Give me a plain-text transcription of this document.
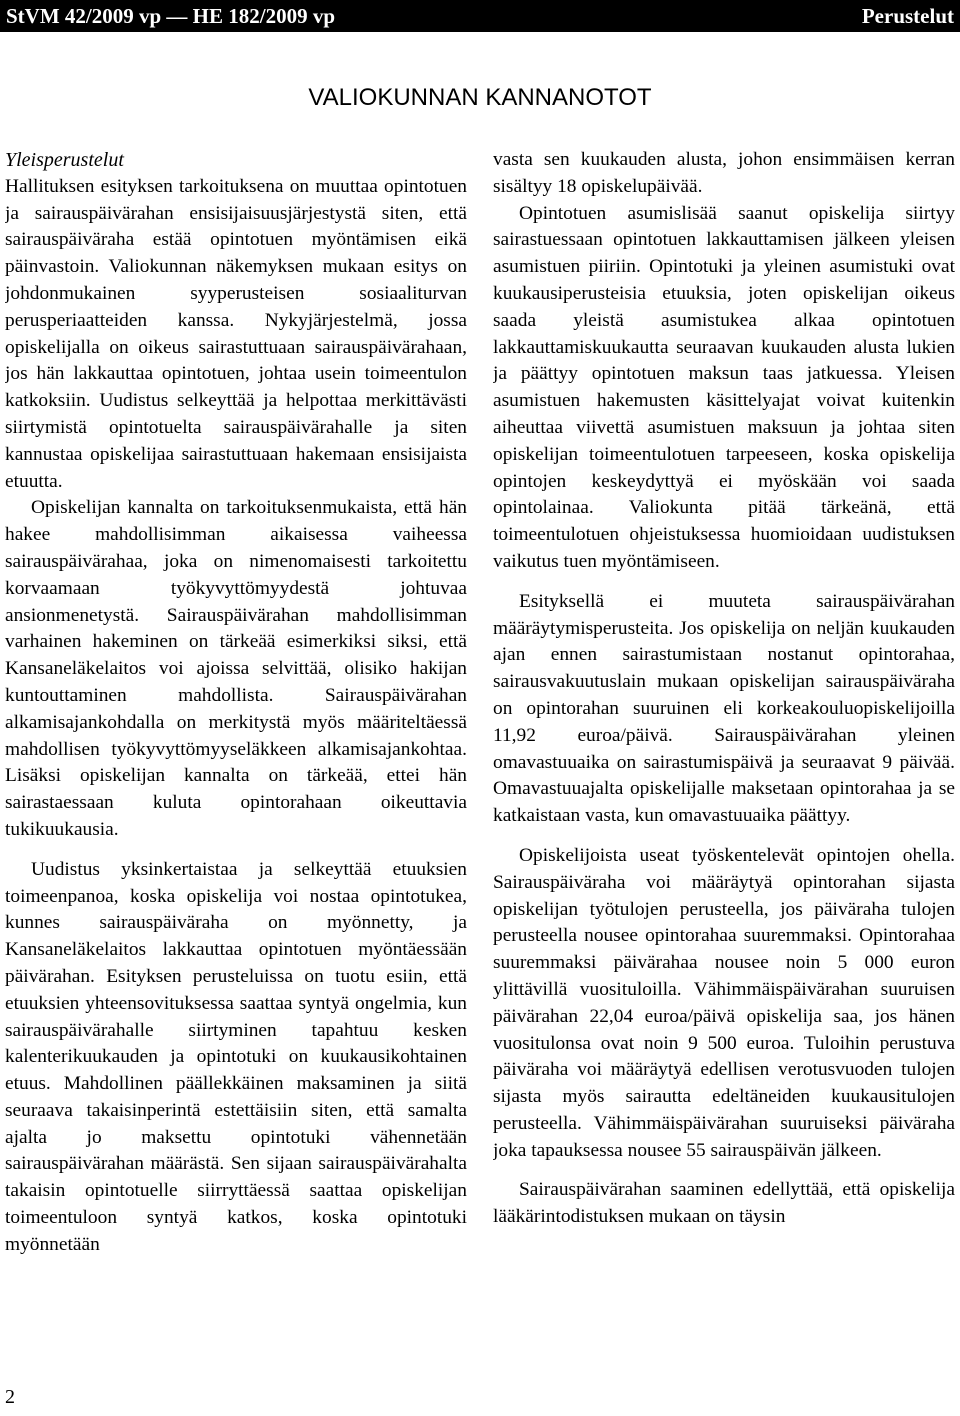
StVM 42/2009 vp — HE 182/2009 vp	Perustelut
VALIOKUNNAN KANNANOTOT
Yleisperustelut

Hallituksen esityksen tarkoituksena on muuttaa opintotuen ja sairauspäivärahan ensisijaisuusjärjestystä siten, että sairauspäiväraha estää opintotuen myöntämisen eikä päinvastoin. Valiokunnan näkemyksen mukaan esitys on johdonmukainen syyperusteisen sosiaaliturvan perusperiaatteiden kanssa. Nykyjärjestelmä, jossa opiskelijalla on oikeus sairastuttuaan sairauspäivärahaan, jos hän lakkauttaa opintotuen, johtaa usein toimeentulon katkoksiin. Uudistus selkeyttää ja helpottaa merkittävästi siirtymistä opintotuelta sairauspäivärahalle ja siten kannustaa opiskelijaa sairastuttuaan hakemaan ensisijaista etuutta.

Opiskelijan kannalta on tarkoituksenmukaista, että hän hakee mahdollisimman aikaisessa vaiheessa sairauspäivärahaa, joka on nimenomaisesti tarkoitettu korvaamaan työkyvyttömyydestä johtuvaa ansionmenetystä. Sairauspäivärahan mahdollisimman varhainen hakeminen on tärkeää esimerkiksi siksi, että Kansaneläkelaitos voi ajoissa selvittää, olisiko hakijan kuntouttaminen mahdollista. Sairauspäivärahan alkamisajankohdalla on merkitystä myös määriteltäessä mahdollisen työkyvyttömyyseläkkeen alkamisajankohtaa. Lisäksi opiskelijan kannalta on tärkeää, ettei hän sairastaessaan kuluta opintorahaan oikeuttavia tukikuukausia.

Uudistus yksinkertaistaa ja selkeyttää etuuksien toimeenpanoa, koska opiskelija voi nostaa opintotukea, kunnes sairauspäiväraha on myönnetty, ja Kansaneläkelaitos lakkauttaa opintotuen myöntäessään päivärahan. Esityksen perusteluissa on tuotu esiin, että etuuksien yhteensovituksessa saattaa syntyä ongelmia, kun sairauspäivärahalle siirtyminen tapahtuu kesken kalenterikuukauden ja opintotuki on kuukausikohtainen etuus. Mahdollinen päällekkäinen maksaminen ja siitä seuraava takaisinperintä estettäisiin siten, että samalta ajalta jo maksettu opintotuki vähennetään sairauspäivärahan määrästä. Sen sijaan sairauspäivärahalta takaisin opintotuelle siirryttäessä saattaa opiskelijan toimeentuloon syntyä katkos, koska opintotuki myönnetään

vasta sen kuukauden alusta, johon ensimmäisen kerran sisältyy 18 opiskelupäivää.

Opintotuen asumislisää saanut opiskelija siirtyy sairastuessaan opintotuen lakkauttamisen jälkeen yleisen asumistuen piiriin. Opintotuki ja yleinen asumistuki ovat kuukausiperusteisia etuuksia, joten opiskelijan oikeus saada yleistä asumistukea alkaa opintotuen lakkauttamiskuukautta seuraavan kuukauden alusta lukien ja päättyy opintotuen maksun taas jatkuessa. Yleisen asumistuen hakemusten käsittelyajat voivat kuitenkin aiheuttaa viivettä asumistuen maksuun ja johtaa siten opiskelijan toimeentulotuen tarpeeseen, koska opiskelija opintojen keskeydyttyä ei myöskään voi saada opintolainaa. Valiokunta pitää tärkeänä, että toimeentulotuen ohjeistuksessa huomioidaan uudistuksen vaikutus tuen myöntämiseen.

Esityksellä ei muuteta sairauspäivärahan määräytymisperusteita. Jos opiskelija on neljän kuukauden ajan ennen sairastumistaan nostanut opintorahaa, sairausvakuutuslain mukaan opiskelijan sairauspäiväraha on opintorahan suuruinen eli korkeakouluopiskelijoilla 11,92 euroa/päivä. Sairauspäivärahan yleinen omavastuuaika on sairastumispäivä ja seuraavat 9 päivää. Omavastuuajalta opiskelijalle maksetaan opintorahaa ja se katkaistaan vasta, kun omavastuuaika päättyy.

Opiskelijoista useat työskentelevät opintojen ohella. Sairauspäiväraha voi määräytyä opintorahan sijasta opiskelijan työtulojen perusteella, jos päiväraha tulojen perusteella nousee opintorahaa suuremmaksi. Opintorahaa suuremmaksi päivärahaa nousee noin 5 000 euron ylittävillä vuosituloilla. Vähimmäispäivärahan suuruisen päivärahan 22,04 euroa/päivä opiskelija saa, jos hänen vuositulonsa ovat noin 9 500 euroa. Tuloihin perustuva päiväraha voi määräytyä edellisen verotusvuoden tulojen sijasta myös sairautta edeltäneiden kuukausitulojen perusteella. Vähimmäispäivärahan suuruiseksi päiväraha joka tapauksessa nousee 55 sairauspäivän jälkeen.

Sairauspäivärahan saaminen edellyttää, että opiskelija lääkärintodistuksen mukaan on täysin

2
